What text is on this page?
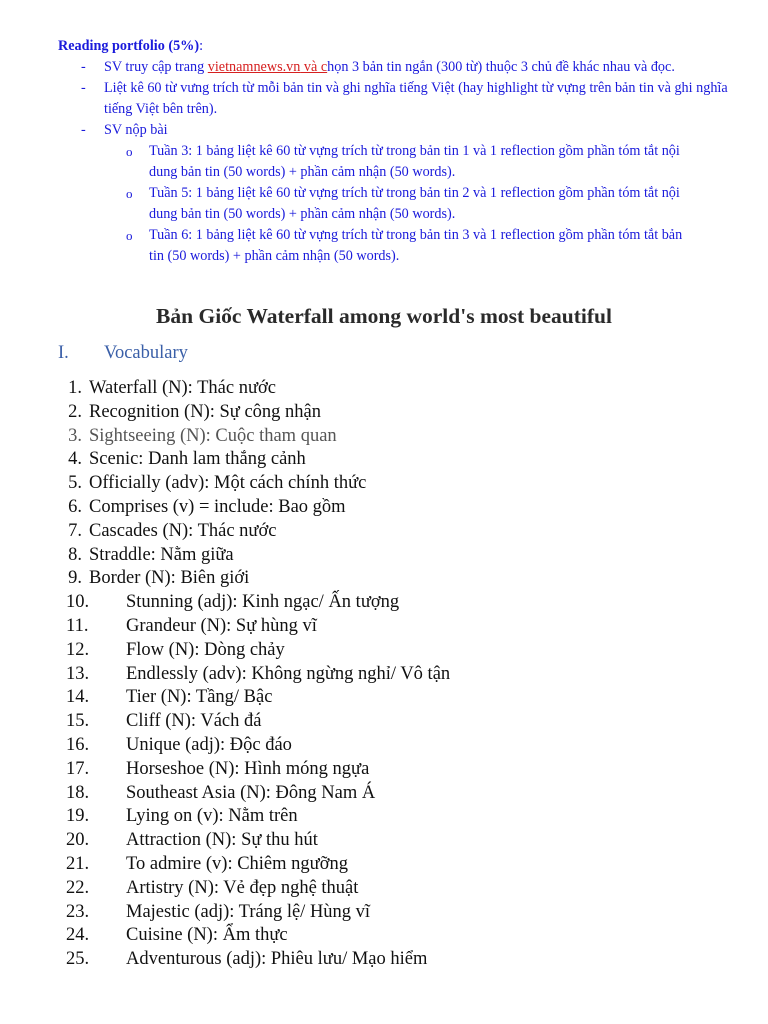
Reading portfolio (5%):
- SV truy cập trang vietnamnews.vn và chọn 3 bản tin ngắn (300 từ) thuộc 3 chủ đề khác nhau và đọc.
- Liệt kê 60 từ vưng trích từ mỗi bản tin và ghi nghĩa tiếng Việt (hay highlight từ vựng trên bản tin và ghi nghĩa tiếng Việt bên trên).
- SV nộp bài
o Tuần 3: 1 bảng liệt kê 60 từ vựng trích từ trong bản tin 1 và 1 reflection gồm phần tóm tắt nội
dung bản tin (50 words) + phần cảm nhận (50 words).
o Tuần 5: 1 bảng liệt kê 60 từ vựng trích từ trong bản tin 2 và 1 reflection gồm phần tóm tắt nội
dung bản tin (50 words) + phần cảm nhận (50 words).
o Tuần 6: 1 bảng liệt kê 60 từ vựng trích từ trong bản tin 3 và 1 reflection gồm phần tóm tắt bản
tin (50 words) + phần cảm nhận (50 words).
Bản Giốc Waterfall among world's most beautiful
I. Vocabulary
1. Waterfall (N): Thác nước
2. Recognition (N): Sự công nhận
3. Sightseeing (N): Cuộc tham quan
4. Scenic: Danh lam thắng cảnh
5. Officially (adv): Một cách chính thức
6. Comprises (v) = include: Bao gồm
7. Cascades (N): Thác nước
8. Straddle: Nằm giữa
9. Border (N): Biên giới
10. Stunning (adj): Kinh ngạc/ Ấn tượng
11. Grandeur (N): Sự hùng vĩ
12. Flow (N): Dòng chảy
13. Endlessly (adv): Không ngừng nghỉ/ Vô tận
14. Tier (N): Tầng/ Bậc
15. Cliff (N): Vách đá
16. Unique (adj): Độc đáo
17. Horseshoe (N): Hình móng ngựa
18. Southeast Asia (N): Đông Nam Á
19. Lying on (v): Nằm trên
20. Attraction (N): Sự thu hút
21. To admire (v): Chiêm ngưỡng
22. Artistry (N): Vẻ đẹp nghệ thuật
23. Majestic (adj): Tráng lệ/ Hùng vĩ
24. Cuisine (N): Ẩm thực
25. Adventurous (adj): Phiêu lưu/ Mạo hiểm
